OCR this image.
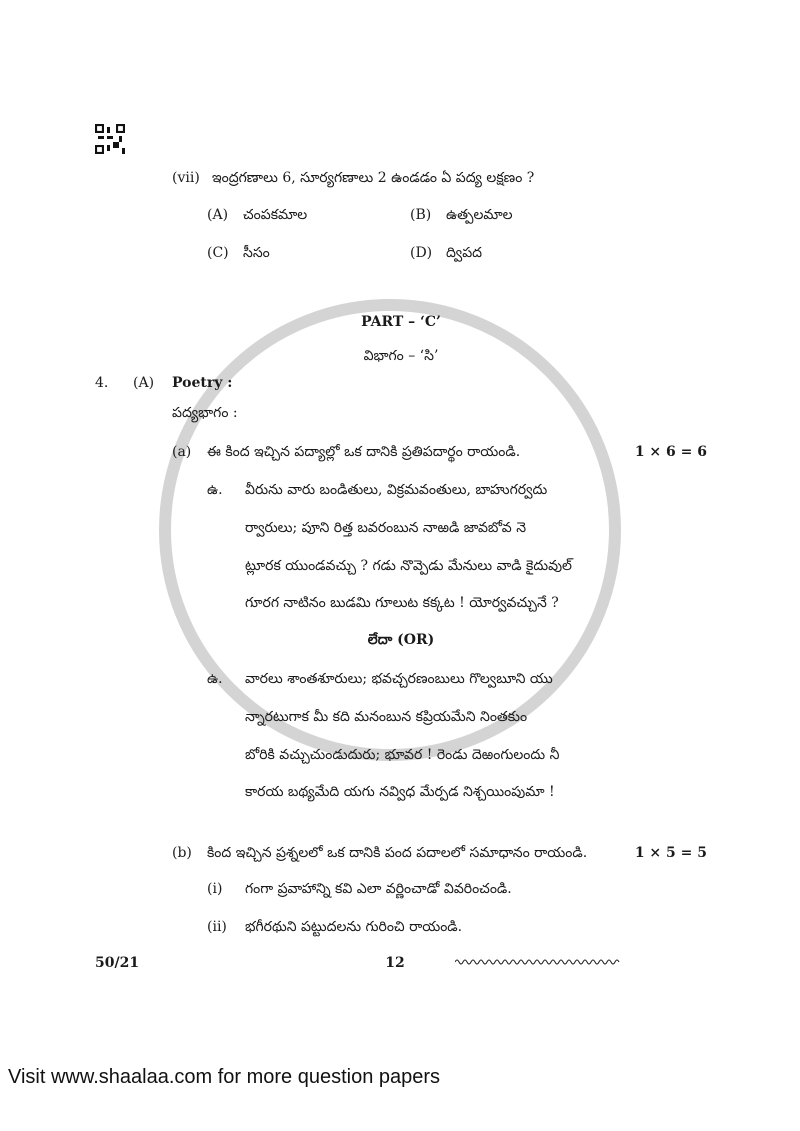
(vii) ఇంద్రగణాలు 6, సూర్యగణాలు 2 ఉండడం ఏ పద్య లక్షణం ?
(A)	చంపకమాల	(B)	ఉత్పలమాల
(C)	సీసం	(D) ద్విపద
PART – ‘C’
విభాగం – ‘సి’
4.	(A)	Poetry :
పద్యభాగం :
(a)	ఈ కింద ఇచ్చిన పద్యాల్లో ఒక దానికి ప్రతిపదార్థం రాయండి.	1 × 6 = 6
ఉ.	వీరును వారు బండితులు, విక్రమవంతులు, బాహుగర్వదు
ర్వారులు; పూని రిత్త బవరంబున నాఱడి జావబోవ నె
ట్లూరక యుండవచ్చు ? గడు నొవ్పెడు మేనులు వాడి కైదువుల్
గూరగ నాటినం బుడమి గూలుట కక్కట ! యోర్వవచ్చునే ?
లేదా (OR)
ఉ.	వారలు శాంతశూరులు; భవచ్చరణంబులు గొల్వబూని యు
న్నారటుగాక మీ కది మనంబున కప్రియమేని నింతకుం
బోరికి వచ్చుచుండుదురు; భూవర ! రెండు దెఱంగులందు నీ
కారయ బథ్యమేది యగు నవ్విధ మేర్పడ నిశ్చయింపుమా !
(b)	కింద ఇచ్చిన ప్రశ్నలలో ఒక దానికి పంద పదాలలో సమాధానం రాయండి.	1 × 5 = 5
(i)	గంగా ప్రవాహాన్ని కవి ఎలా వర్ణించాడో వివరించండి.
(ii)	భగీరథుని పట్టుదలను గురించి రాయండి.
50/21	12
Visit www.shaalaa.com for more question papers
